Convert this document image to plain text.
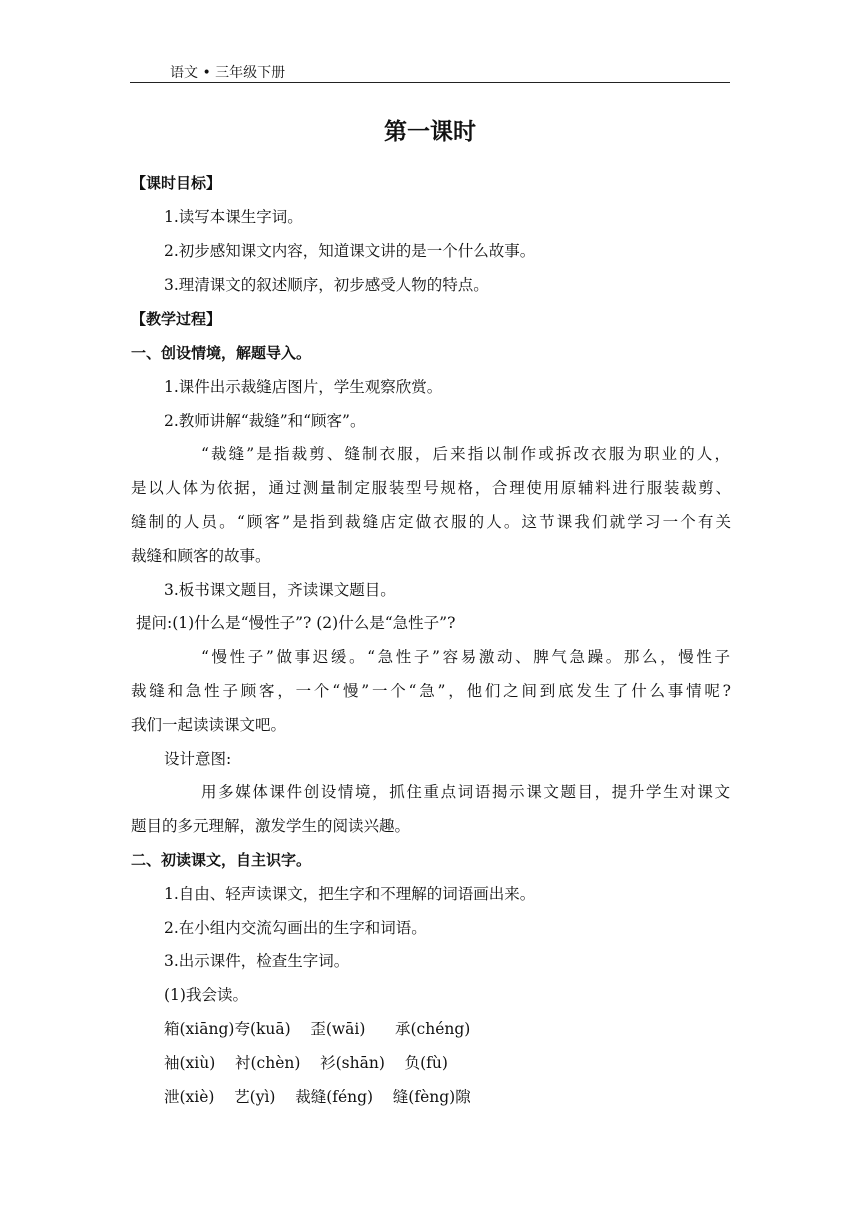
语文 • 三年级下册
第一课时
【课时目标】
1.读写本课生字词。
2.初步感知课文内容，知道课文讲的是一个什么故事。
3.理清课文的叙述顺序，初步感受人物的特点。
【教学过程】
一、创设情境，解题导入。
1.课件出示裁缝店图片，学生观察欣赏。
2.教师讲解“裁缝”和“顾客”。
“裁缝”是指裁剪、缝制衣服，后来指以制作或拆改衣服为职业的人，
是以人体为依据，通过测量制定服装型号规格，合理使用原辅料进行服装裁剪、
缝制的人员。“顾客”是指到裁缝店定做衣服的人。这节课我们就学习一个有关
裁缝和顾客的故事。
3.板书课文题目，齐读课文题目。
提问:(1)什么是“慢性子”? (2)什么是“急性子”?
“慢性子”做事迟缓。“急性子”容易激动、脾气急躁。那么，慢性子
裁缝和急性子顾客，一个“慢”一个“急”，他们之间到底发生了什么事情呢?
我们一起读读课文吧。
设计意图:
用多媒体课件创设情境，抓住重点词语揭示课文题目，提升学生对课文
题目的多元理解，激发学生的阅读兴趣。
二、初读课文，自主识字。
1.自由、轻声读课文，把生字和不理解的词语画出来。
2.在小组内交流勾画出的生字和词语。
3.出示课件，检查生字词。
(1)我会读。
箱(xiāng)夸(kuā)    歪(wāi)      承(chéng)
袖(xiù)    衬(chèn)    衫(shān)    负(fù)
泄(xiè)    艺(yì)    裁缝(féng)    缝(fèng)隙
